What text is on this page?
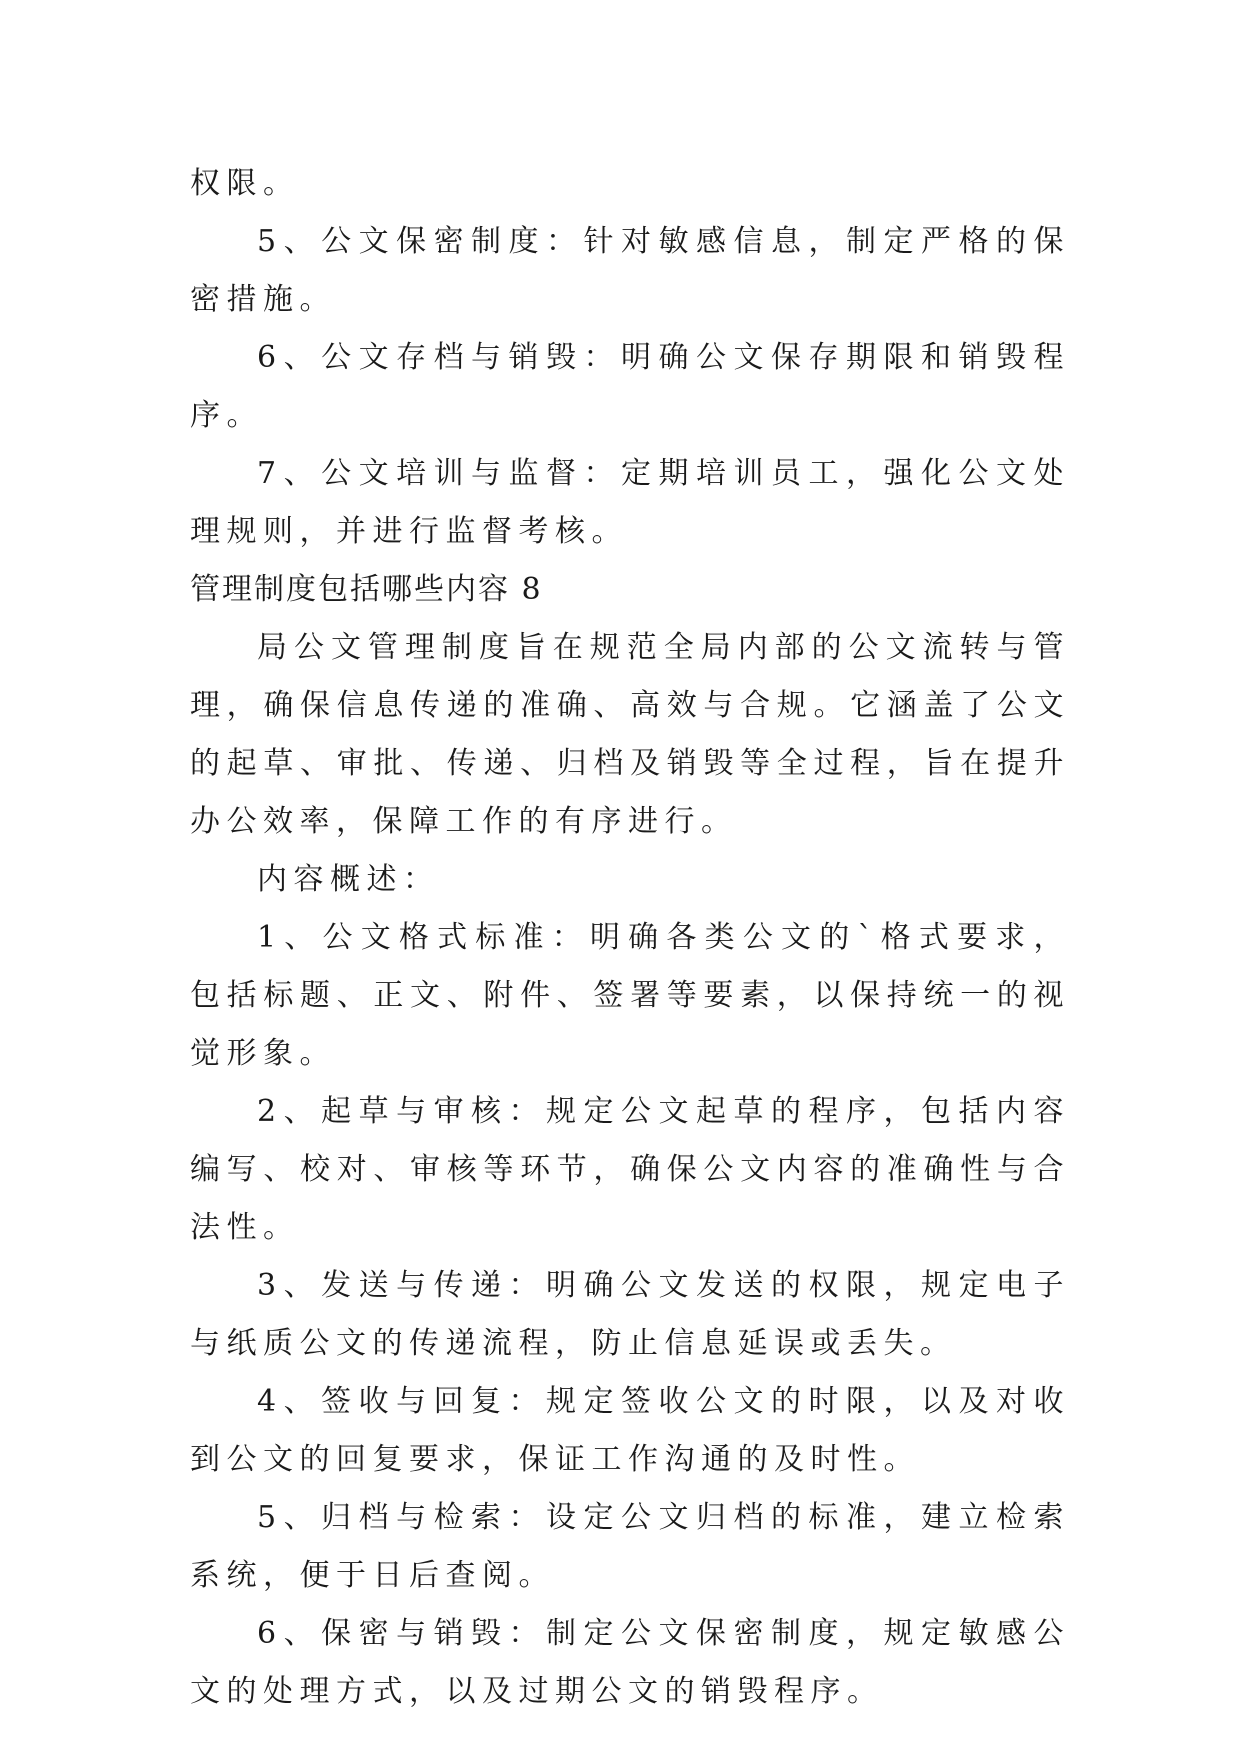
权限。

5、公文保密制度：针对敏感信息，制定严格的保密措施。

6、公文存档与销毁：明确公文保存期限和销毁程序。

7、公文培训与监督：定期培训员工，强化公文处理规则，并进行监督考核。

管理制度包括哪些内容 8

局公文管理制度旨在规范全局内部的公文流转与管理，确保信息传递的准确、高效与合规。它涵盖了公文的起草、审批、传递、归档及销毁等全过程，旨在提升办公效率，保障工作的有序进行。

内容概述：

1、公文格式标准：明确各类公文的`格式要求，包括标题、正文、附件、签署等要素，以保持统一的视觉形象。

2、起草与审核：规定公文起草的程序，包括内容编写、校对、审核等环节，确保公文内容的准确性与合法性。

3、发送与传递：明确公文发送的权限，规定电子与纸质公文的传递流程，防止信息延误或丢失。

4、签收与回复：规定签收公文的时限，以及对收到公文的回复要求，保证工作沟通的及时性。

5、归档与检索：设定公文归档的标准，建立检索系统，便于日后查阅。

6、保密与销毁：制定公文保密制度，规定敏感公文的处理方式，以及过期公文的销毁程序。
